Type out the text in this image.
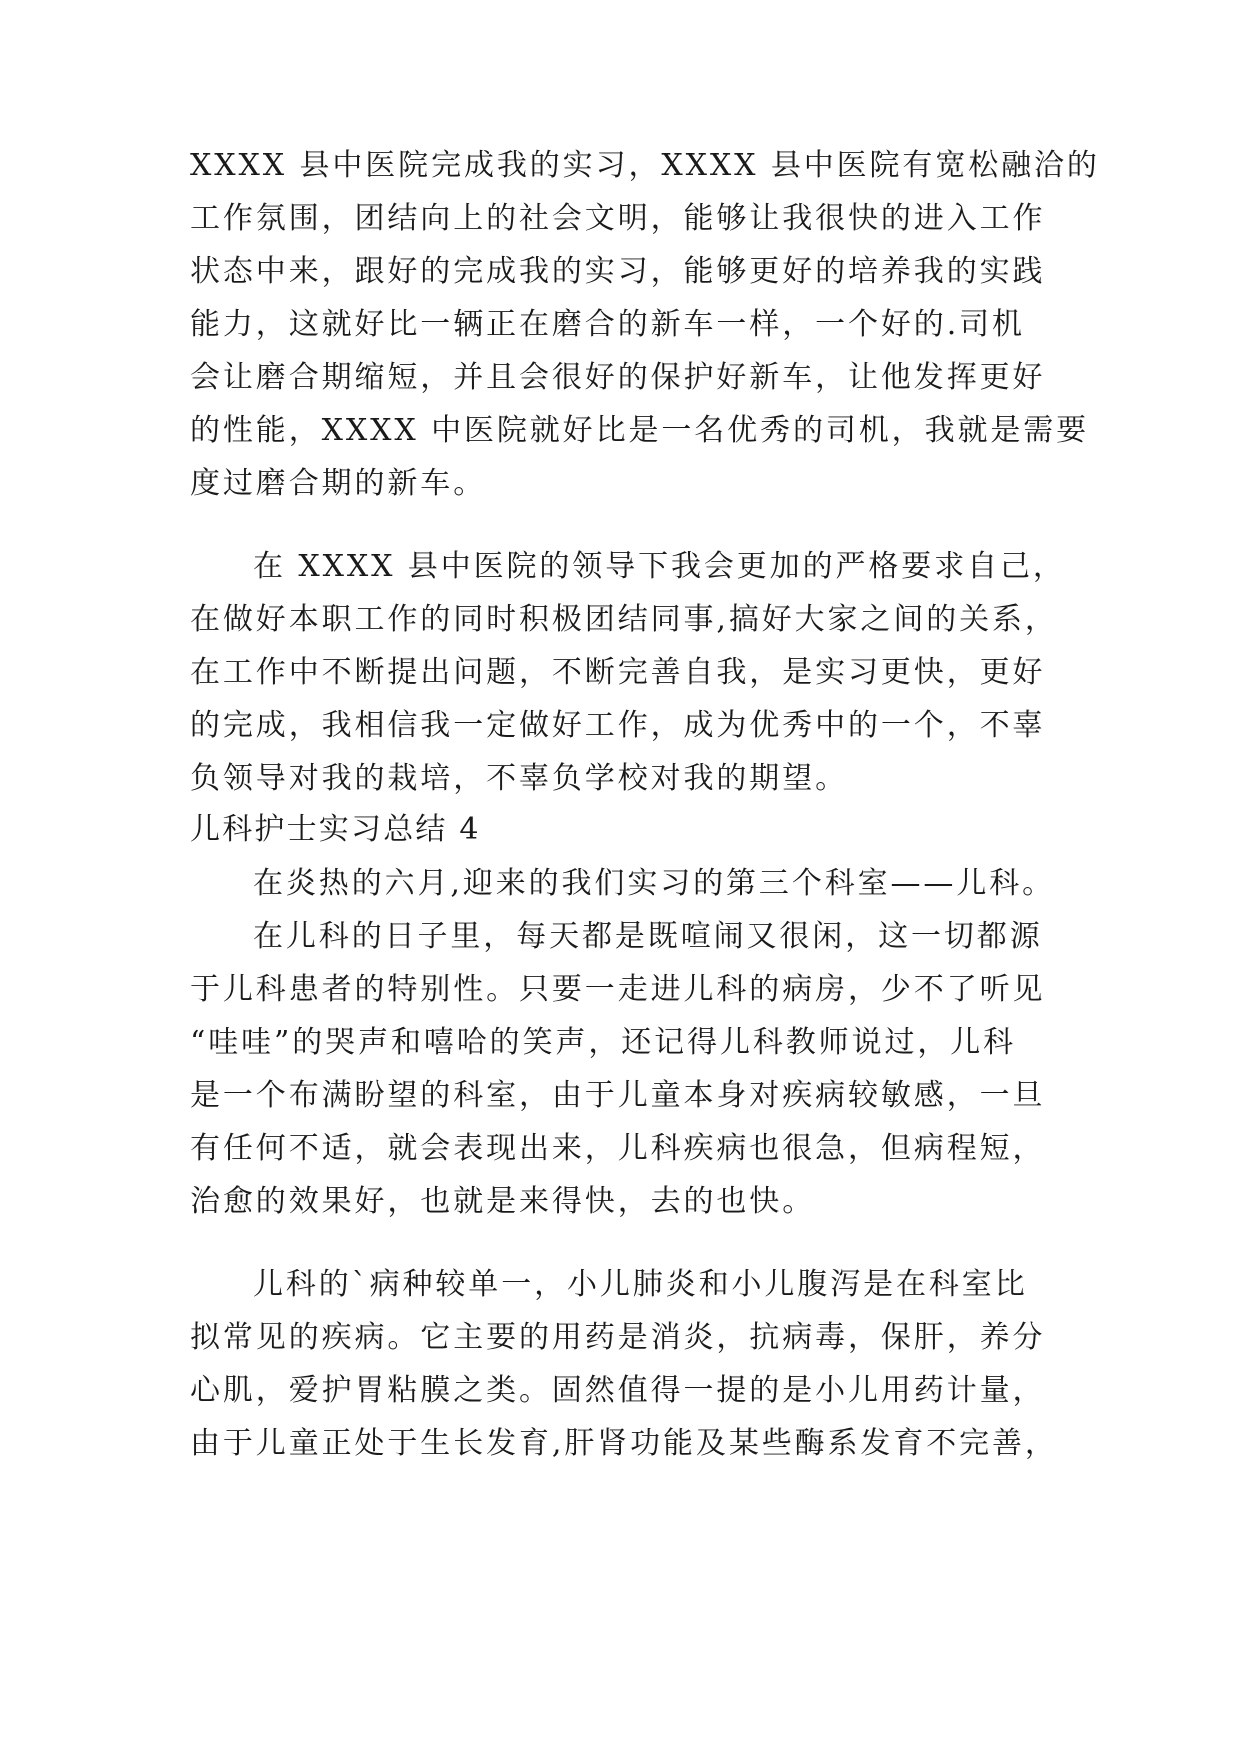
XXXX 县中医院完成我的实习，XXXX 县中医院有宽松融洽的
工作氛围，团结向上的社会文明，能够让我很快的进入工作
状态中来，跟好的完成我的实习，能够更好的培养我的实践
能力，这就好比一辆正在磨合的新车一样，一个好的.司机
会让磨合期缩短，并且会很好的保护好新车，让他发挥更好
的性能，XXXX 中医院就好比是一名优秀的司机，我就是需要
度过磨合期的新车。
在 XXXX 县中医院的领导下我会更加的严格要求自己，
在做好本职工作的同时积极团结同事,搞好大家之间的关系，
在工作中不断提出问题，不断完善自我，是实习更快，更好
的完成，我相信我一定做好工作，成为优秀中的一个，不辜
负领导对我的栽培，不辜负学校对我的期望。
儿科护士实习总结 4
在炎热的六月,迎来的我们实习的第三个科室——儿科。
在儿科的日子里，每天都是既喧闹又很闲，这一切都源
于儿科患者的特别性。只要一走进儿科的病房，少不了听见
“哇哇”的哭声和嘻哈的笑声，还记得儿科教师说过，儿科
是一个布满盼望的科室，由于儿童本身对疾病较敏感，一旦
有任何不适，就会表现出来，儿科疾病也很急，但病程短，
治愈的效果好，也就是来得快，去的也快。
儿科的`病种较单一，小儿肺炎和小儿腹泻是在科室比
拟常见的疾病。它主要的用药是消炎，抗病毒，保肝，养分
心肌，爱护胃粘膜之类。固然值得一提的是小儿用药计量，
由于儿童正处于生长发育,肝肾功能及某些酶系发育不完善，
